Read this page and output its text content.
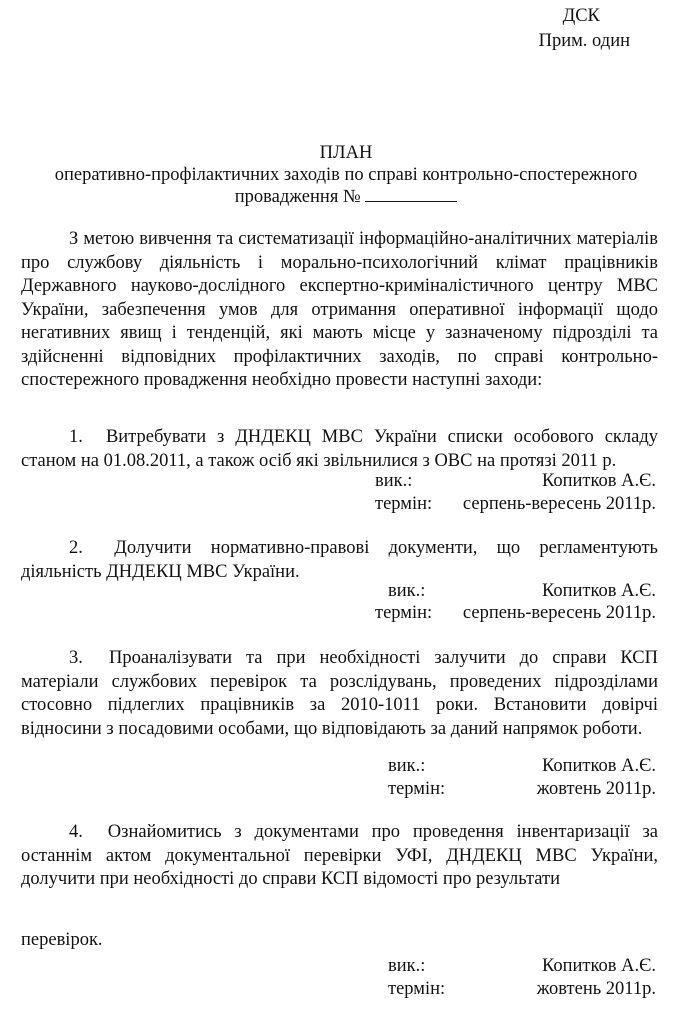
ДСК
Прим. один
ПЛАН
оперативно-профілактичних заходів по справі контрольно-спостережного
провадження №
З метою вивчення та систематизації інформаційно-аналітичних матеріалів про службову діяльність і морально-психологічний клімат працівників Державного науково-дослідного експертно-криміналістичного центру МВС України, забезпечення умов для отримання оперативної інформації щодо негативних явищ і тенденцій, які мають місце у зазначеному підрозділі та здійсненні відповідних профілактичних заходів, по справі контрольно-спостережного провадження необхідно провести наступні заходи:
1. Витребувати з ДНДЕКЦ МВС України списки особового складу станом на 01.08.2011, а також осіб які звільнилися з ОВС на протязі 2011 р.
вик.:	Копитков А.Є.
термін: серпень-вересень 2011р.
2. Долучити нормативно-правові документи, що регламентують діяльність ДНДЕКЦ МВС України.
вик.:	Копитков А.Є.
термін: серпень-вересень 2011р.
3. Проаналізувати та при необхідності залучити до справи КСП матеріали службових перевірок та розслідувань, проведених підрозділами стосовно підлеглих працівників за 2010-1011 роки. Встановити довірчі відносини з посадовими особами, що відповідають за даний напрямок роботи.
вик.:	Копитков А.Є.
термін:	жовтень 2011р.
4. Ознайомитись з документами про проведення інвентаризації за останнім актом документальної перевірки УФІ, ДНДЕКЦ МВС України, долучити при необхідності до справи КСП відомості про результати
перевірок.
вик.:	Копитков А.Є.
термін:	жовтень 2011р.
